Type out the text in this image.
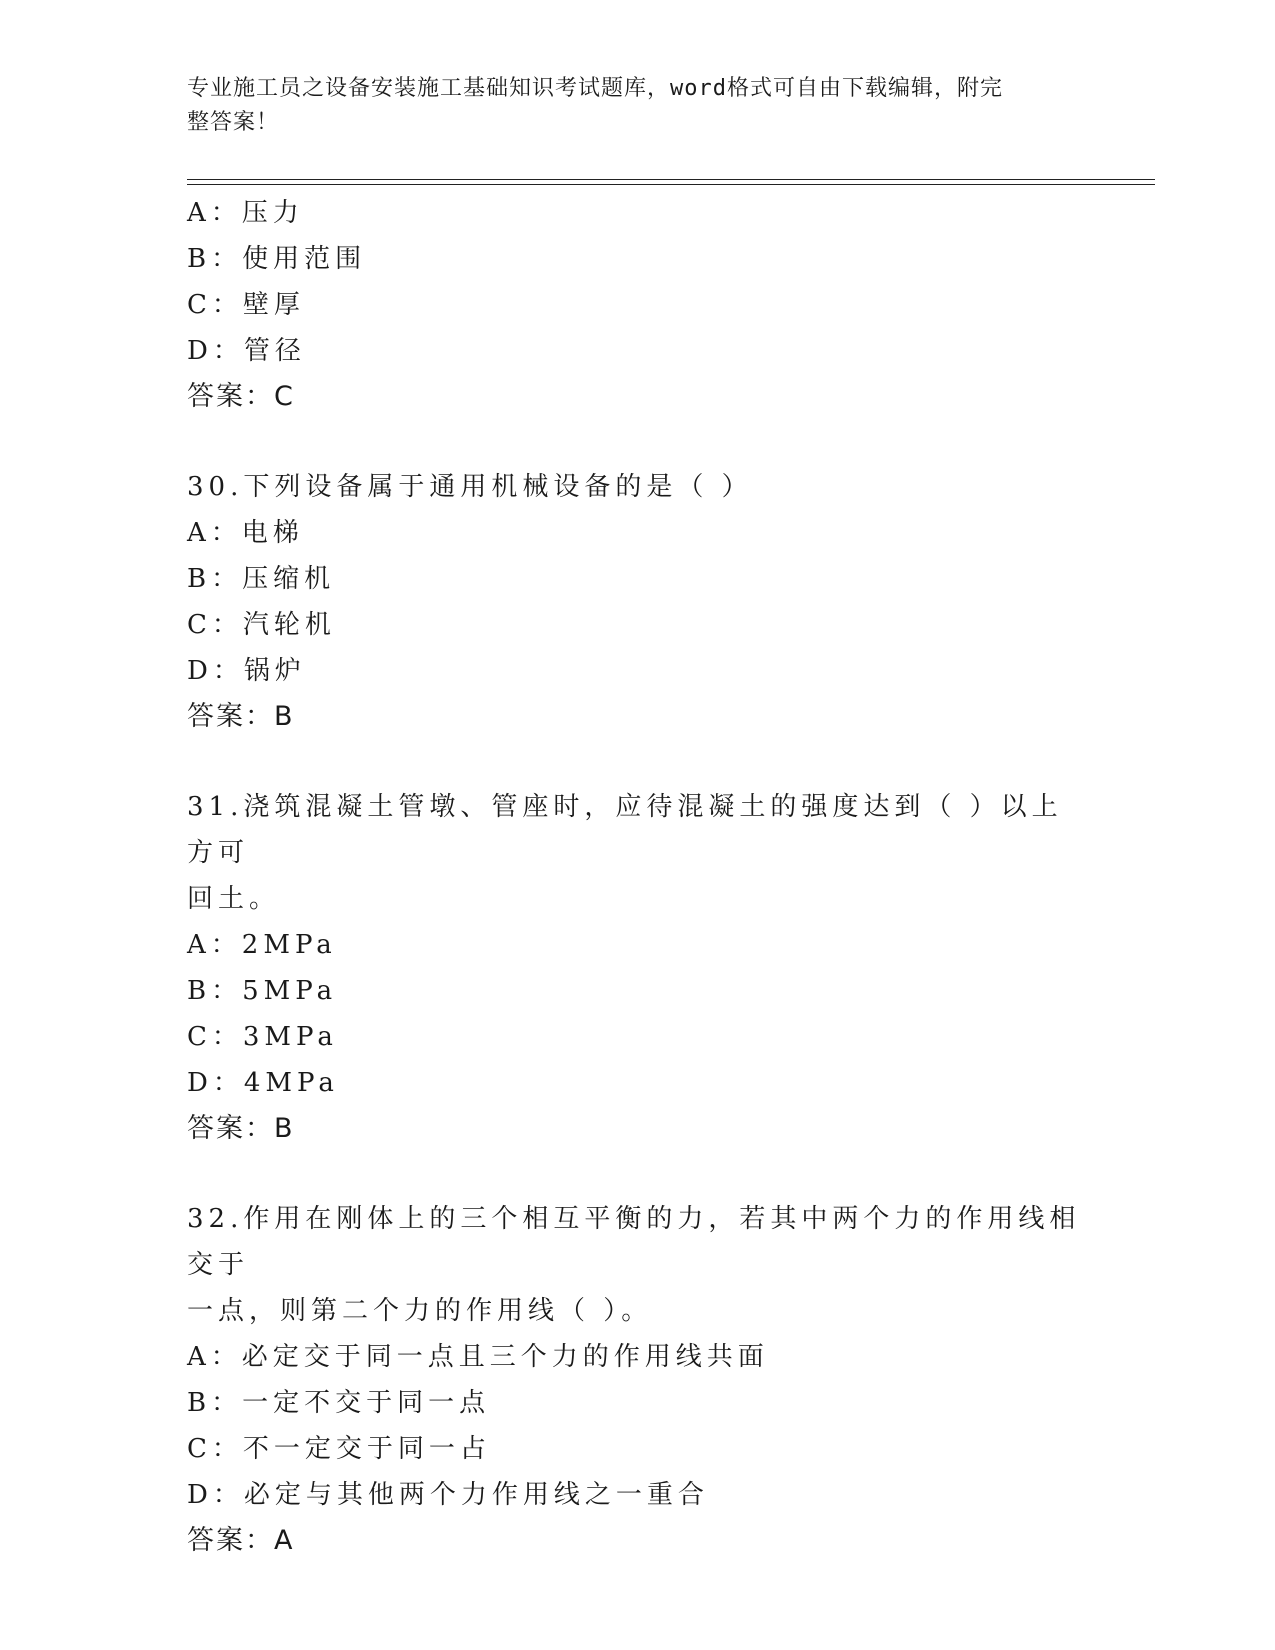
专业施工员之设备安装施工基础知识考试题库，word格式可自由下载编辑，附完
整答案！
A：压力
B：使用范围
C：壁厚
D：管径
答案：C
30.下列设备属于通用机械设备的是（ ）
A：电梯
B：压缩机
C：汽轮机
D：锅炉
答案：B
31.浇筑混凝土管墩、管座时，应待混凝土的强度达到（ ）以上方可
回土。
A：2MPa
B：5MPa
C：3MPa
D：4MPa
答案：B
32.作用在刚体上的三个相互平衡的力，若其中两个力的作用线相交于
一点，则第二个力的作用线（ ）。
A：必定交于同一点且三个力的作用线共面
B：一定不交于同一点
C：不一定交于同一占
D：必定与其他两个力作用线之一重合
答案：A
